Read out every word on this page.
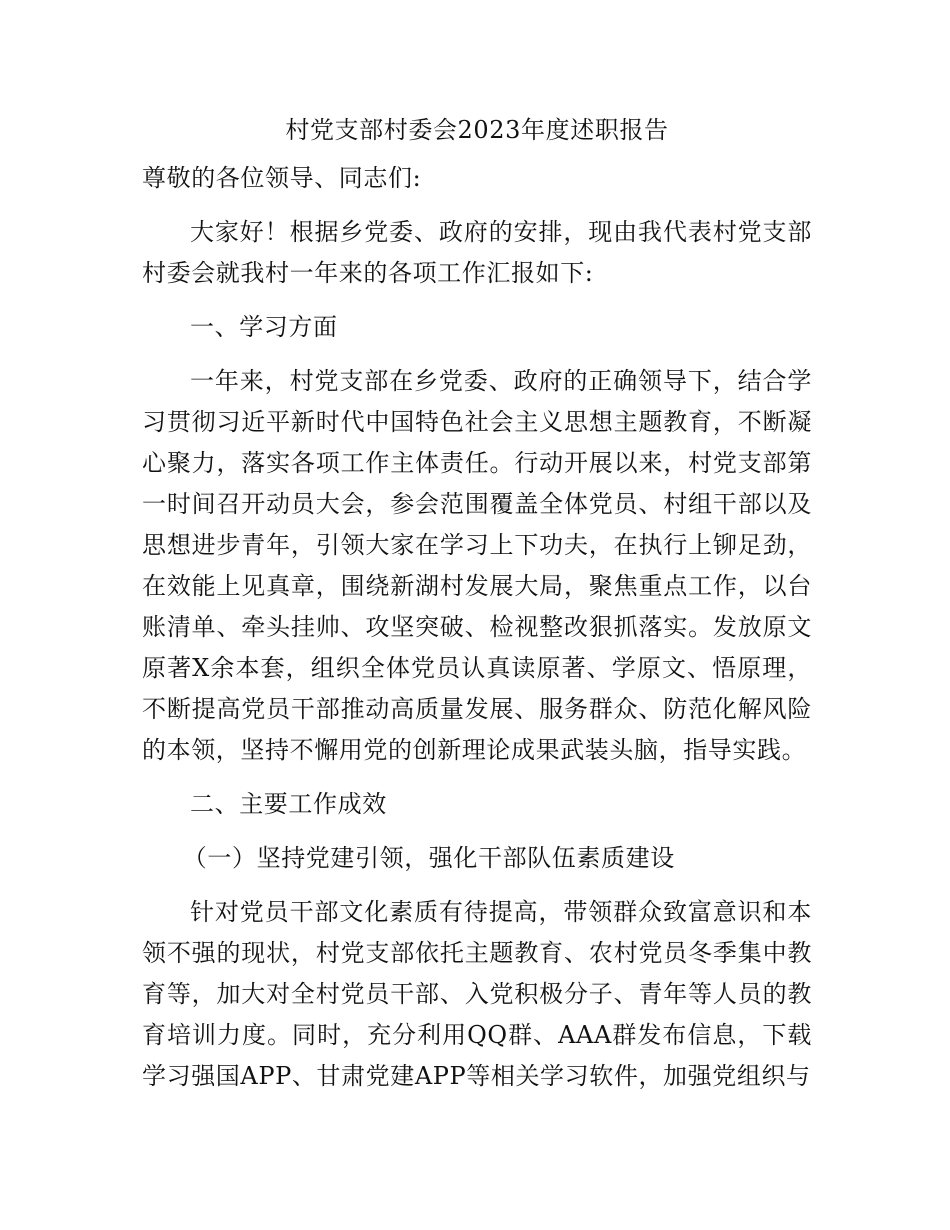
村党支部村委会2023年度述职报告
尊敬的各位领导、同志们:
大家好！根据乡党委、政府的安排，现由我代表村党支部村委会就我村一年来的各项工作汇报如下:
一、学习方面
一年来，村党支部在乡党委、政府的正确领导下，结合学习贯彻习近平新时代中国特色社会主义思想主题教育，不断凝心聚力，落实各项工作主体责任。行动开展以来，村党支部第一时间召开动员大会，参会范围覆盖全体党员、村组干部以及思想进步青年，引领大家在学习上下功夫，在执行上铆足劲，在效能上见真章，围绕新湖村发展大局，聚焦重点工作，以台账清单、牵头挂帅、攻坚突破、检视整改狠抓落实。发放原文原著X余本套，组织全体党员认真读原著、学原文、悟原理，不断提高党员干部推动高质量发展、服务群众、防范化解风险的本领，坚持不懈用党的创新理论成果武装头脑，指导实践。
二、主要工作成效
（一）坚持党建引领，强化干部队伍素质建设
针对党员干部文化素质有待提高，带领群众致富意识和本领不强的现状，村党支部依托主题教育、农村党员冬季集中教育等，加大对全村党员干部、入党积极分子、青年等人员的教育培训力度。同时，充分利用QQ群、AAA群发布信息，下载学习强国APP、甘肃党建APP等相关学习软件，加强党组织与
